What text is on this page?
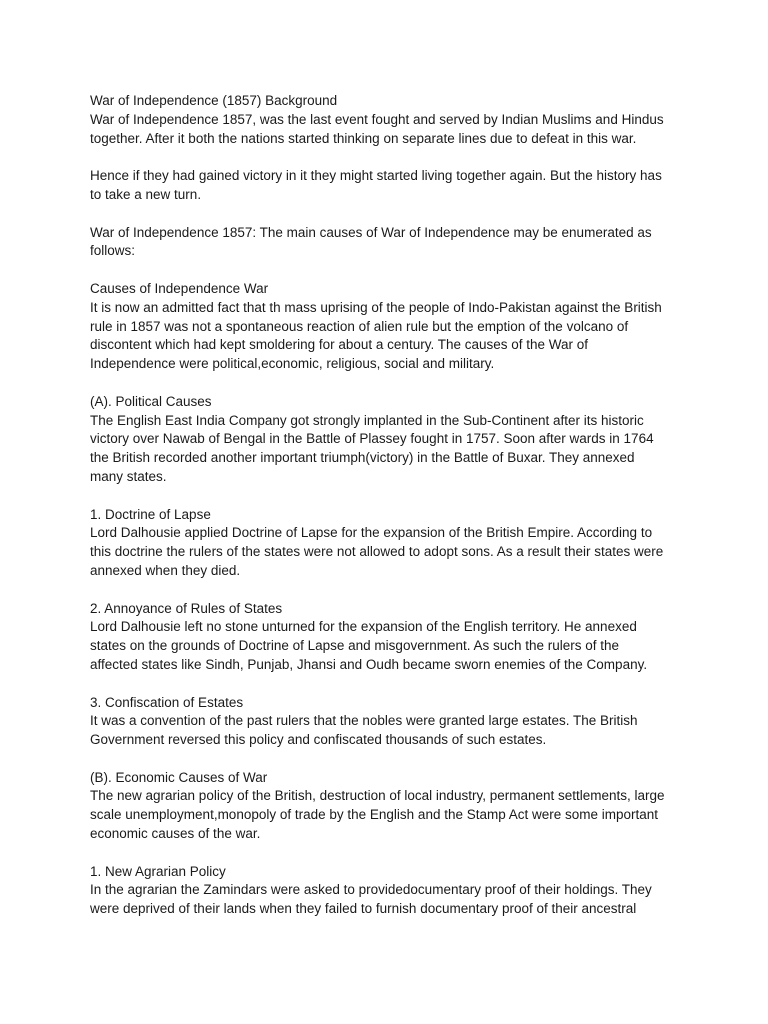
War of Independence (1857) Background
War of Independence 1857, was the last event fought and served by Indian Muslims and Hindus
together. After it both the nations started thinking on separate lines due to defeat in this war.

Hence if they had gained victory in it they might started living together again. But the history has
to take a new turn.

War of Independence 1857: The main causes of War of Independence may be enumerated as
follows:

Causes of Independence War
It is now an admitted fact that th mass uprising of the people of Indo-Pakistan against the British
rule in 1857 was not a spontaneous reaction of alien rule but the emption of the volcano of
discontent which had kept smoldering for about a century. The causes of the War of
Independence were political,economic, religious, social and military.

(A). Political Causes
The English East India Company got strongly implanted in the Sub-Continent after its historic
victory over Nawab of Bengal in the Battle of Plassey fought in 1757. Soon after wards in 1764
the British recorded another important triumph(victory) in the Battle of Buxar. They annexed
many states.

1. Doctrine of Lapse
Lord Dalhousie applied Doctrine of Lapse for the expansion of the British Empire. According to
this doctrine the rulers of the states were not allowed to adopt sons. As a result their states were
annexed when they died.

2. Annoyance of Rules of States
Lord Dalhousie left no stone unturned for the expansion of the English territory. He annexed
states on the grounds of Doctrine of Lapse and misgovernment. As such the rulers of the
affected states like Sindh, Punjab, Jhansi and Oudh became sworn enemies of the Company.

3. Confiscation of Estates
It was a convention of the past rulers that the nobles were granted large estates. The British
Government reversed this policy and confiscated thousands of such estates.

(B). Economic Causes of War
The new agrarian policy of the British, destruction of local industry, permanent settlements, large
scale unemployment,monopoly of trade by the English and the Stamp Act were some important
economic causes of the war.

1. New Agrarian Policy
In the agrarian the Zamindars were asked to providedocumentary proof of their holdings. They
were deprived of their lands when they failed to furnish documentary proof of their ancestral
